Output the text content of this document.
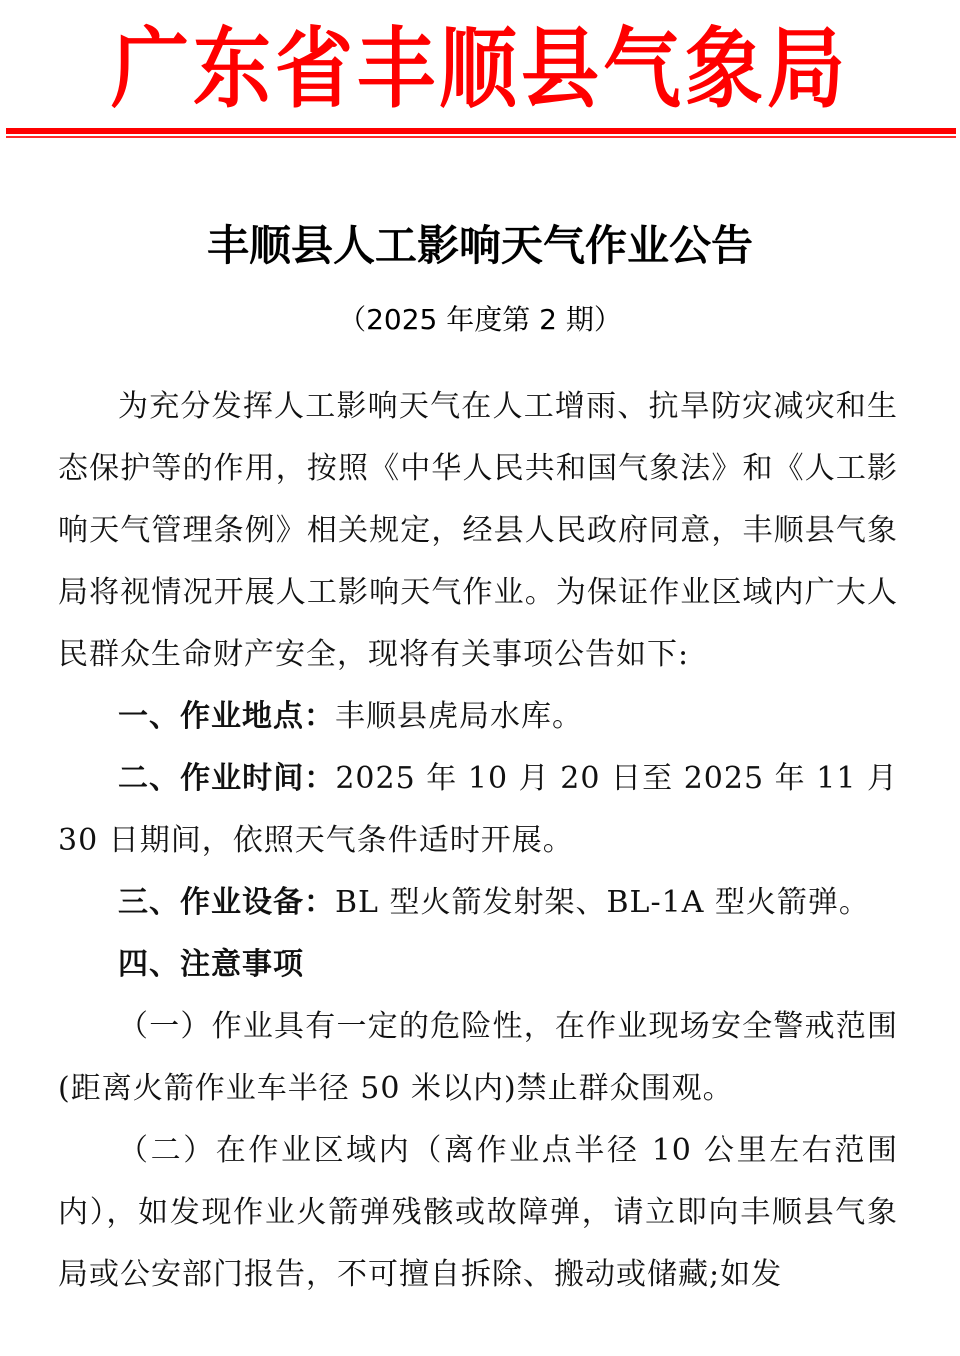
广东省丰顺县气象局
丰顺县人工影响天气作业公告
（2025 年度第 2 期）

为充分发挥人工影响天气在人工增雨、抗旱防灾减灾和生态保护等的作用，按照《中华人民共和国气象法》和《人工影响天气管理条例》相关规定，经县人民政府同意，丰顺县气象局将视情况开展人工影响天气作业。为保证作业区域内广大人民群众生命财产安全，现将有关事项公告如下:

一、作业地点：丰顺县虎局水库。

二、作业时间：2025 年 10 月 20 日至 2025 年 11 月 30 日期间，依照天气条件适时开展。

三、作业设备：BL 型火箭发射架、BL-1A 型火箭弹。

四、注意事项

（一）作业具有一定的危险性，在作业现场安全警戒范围(距离火箭作业车半径 50 米以内)禁止群众围观。

（二）在作业区域内（离作业点半径 10 公里左右范围内），如发现作业火箭弹残骸或故障弹，请立即向丰顺县气象局或公安部门报告，不可擅自拆除、搬动或储藏;如发
